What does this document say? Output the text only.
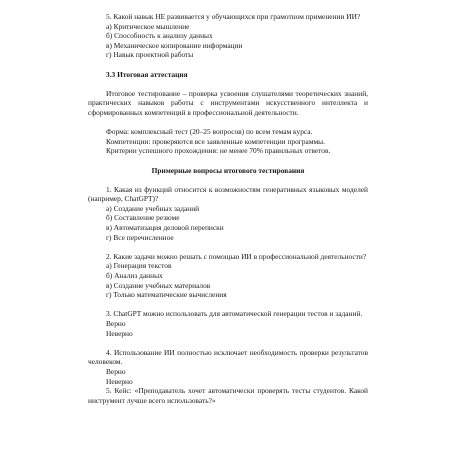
5. Какой навык НЕ развивается у обучающихся при грамотном применении ИИ?

а) Критическое мышление

б) Способность к анализу данных

в) Механическое копирование информации

г) Навык проектной работы

3.3 Итоговая аттестация

Итоговое тестирование – проверка усвоения слушателями теоретических знаний, практических навыков работы с инструментами искусственного интеллекта и сформированных компетенций в профессиональной деятельности.

Форма: комплексный тест (20–25 вопросов) по всем темам курса.

Компетенции: проверяются все заявленные компетенции программы.

Критерии успешного прохождения: не менее 70% правильных ответов.

Примерные вопросы итогового тестирования

1. Какая из функций относится к возможностям генеративных языковых моделей (например, ChatGPT)?

а) Создание учебных заданий

б) Составление резюме

в) Автоматизация деловой переписки

г) Все перечисленное

2. Какие задачи можно решать с помощью ИИ в профессиональной деятельности?

а) Генерация текстов

б) Анализ данных

в) Создание учебных материалов

г) Только математические вычисления

3. ChatGPT можно использовать для автоматической генерации тестов и заданий.

Верно

Неверно

4. Использование ИИ полностью исключает необходимость проверки результатов человеком.

Верно

Неверно

5. Кейс: «Преподаватель хочет автоматически проверять тесты студентов. Какой инструмент лучше всего использовать?»
